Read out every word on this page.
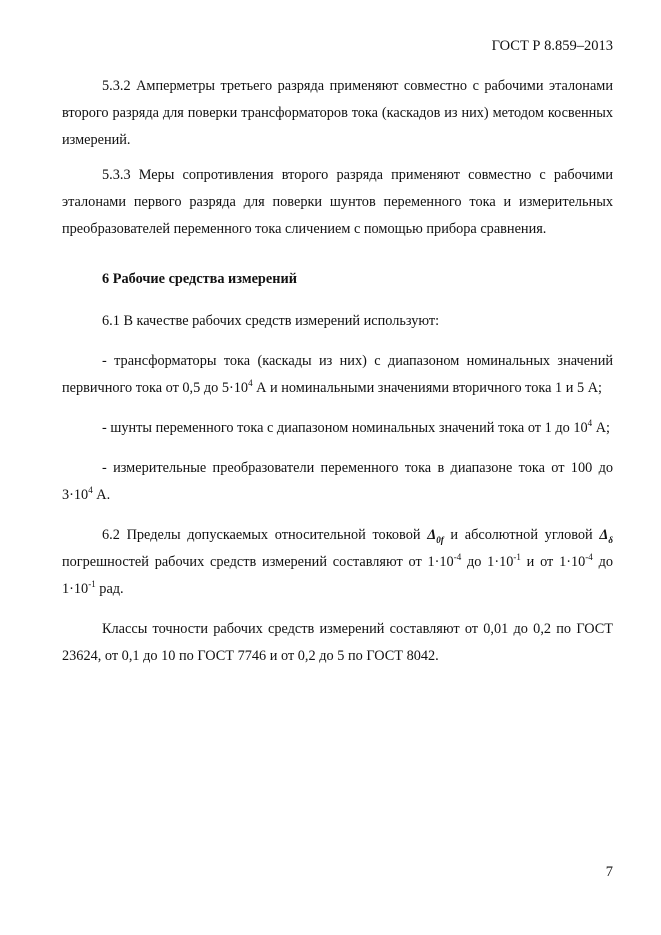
ГОСТ Р 8.859–2013

5.3.2 Амперметры третьего разряда применяют совместно с рабочими эталонами второго разряда для поверки трансформаторов тока (каскадов из них) методом косвенных измерений.

5.3.3 Меры сопротивления второго разряда применяют совместно с рабочими эталонами первого разряда для поверки шунтов переменного тока и измерительных преобразователей переменного тока сличением с помощью прибора сравнения.

6 Рабочие средства измерений

6.1 В качестве рабочих средств измерений используют:

- трансформаторы тока (каскады из них) с диапазоном номинальных значений первичного тока от 0,5 до $5\cdot 10^4$ А и номинальными значениями вторичного тока 1 и 5 А;

- шунты переменного тока с диапазоном номинальных значений тока от 1 до $10^4$ А;

- измерительные преобразователи переменного тока в диапазоне тока от 100 до $3\cdot 10^4$ А.

6.2 Пределы допускаемых относительной токовой $\Delta_{0f}$ и абсолютной угловой $\Delta_\delta$ погрешностей рабочих средств измерений составляют от $1\cdot 10^{-4}$ до $1\cdot 10^{-1}$ и от $1\cdot 10^{-4}$ до $1\cdot 10^{-1}$ рад.

Классы точности рабочих средств измерений составляют от 0,01 до 0,2 по ГОСТ 23624, от 0,1 до 10 по ГОСТ 7746 и от 0,2 до 5 по ГОСТ 8042.

7
